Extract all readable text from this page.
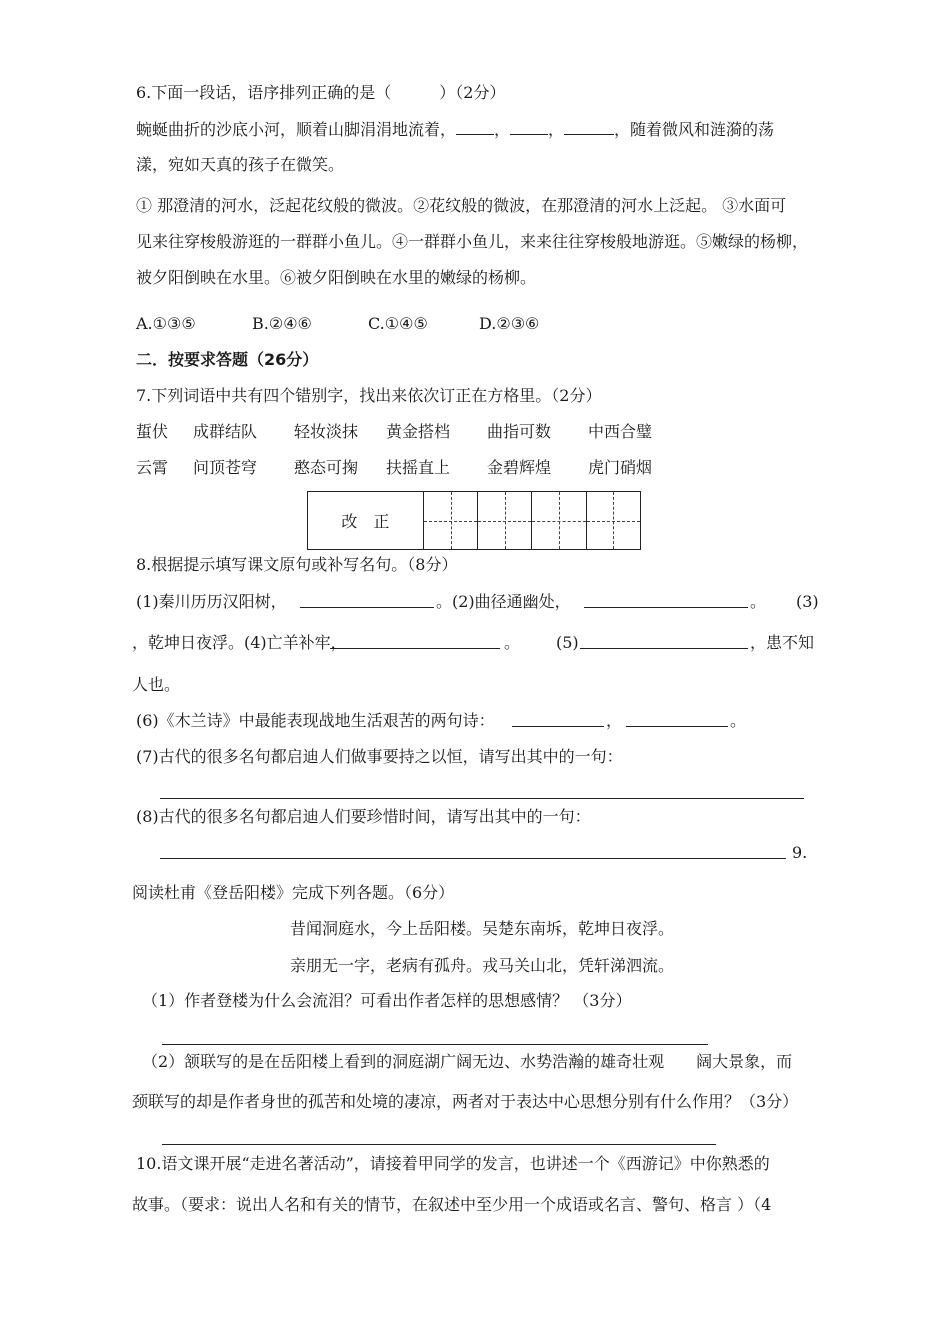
6.下面一段话，语序排列正确的是（　　　）（2分）
蜿蜒曲折的沙底小河，顺着山脚涓涓地流着， ， ，	，随着微风和涟漪的荡
漾，宛如天真的孩子在微笑。
① 那澄清的河水，泛起花纹般的微波。②花纹般的微波，在那澄清的河水上泛起。 ③水面可
见来往穿梭般游逛的一群群小鱼儿。④一群群小鱼儿，来来往往穿梭般地游逛。⑤嫩绿的杨柳，
被夕阳倒映在水里。⑥被夕阳倒映在水里的嫩绿的杨柳。
A.①③⑤	B.②④⑥	C.①④⑤	D.②③⑥
二．按要求答题（26分）
7.下列词语中共有四个错别字，找出来依次订正在方格里。（2分）
蜇伏 成群结队 轻妆淡抹 黄金搭档 曲指可数 中西合璧
云霄 问顶苍穹 憨态可掬 扶摇直上 金碧辉煌 虎门硝烟
改　正	

8.根据提示填写课文原句或补写名句。（8分）
(1)秦川历历汉阳树，	。(2)曲径通幽处，	。 (3)
，乾坤日夜浮。(4)亡羊补牢，	。 (5)	，患不知
人也。
(6)《木兰诗》中最能表现战地生活艰苦的两句诗：	，	。
(7)古代的很多名句都启迪人们做事要持之以恒，请写出其中的一句：
(8)古代的很多名句都启迪人们要珍惜时间，请写出其中的一句：
9.
阅读杜甫《登岳阳楼》完成下列各题。（6分）
昔闻洞庭水，今上岳阳楼。吴楚东南坼，乾坤日夜浮。
亲朋无一字，老病有孤舟。戎马关山北，凭轩涕泗流。
（1）作者登楼为什么会流泪？可看出作者怎样的思想感情？ （3分）
（2）颔联写的是在岳阳楼上看到的洞庭湖广阔无边、水势浩瀚的雄奇壮观　　阔大景象，而
颈联写的却是作者身世的孤苦和处境的凄凉，两者对于表达中心思想分别有什么作用？（3分）
10.语文课开展“走进名著活动”，请接着甲同学的发言，也讲述一个《西游记》中你熟悉的
故事。（要求：说出人名和有关的情节，在叙述中至少用一个成语或名言、警句、格言 ）（4
